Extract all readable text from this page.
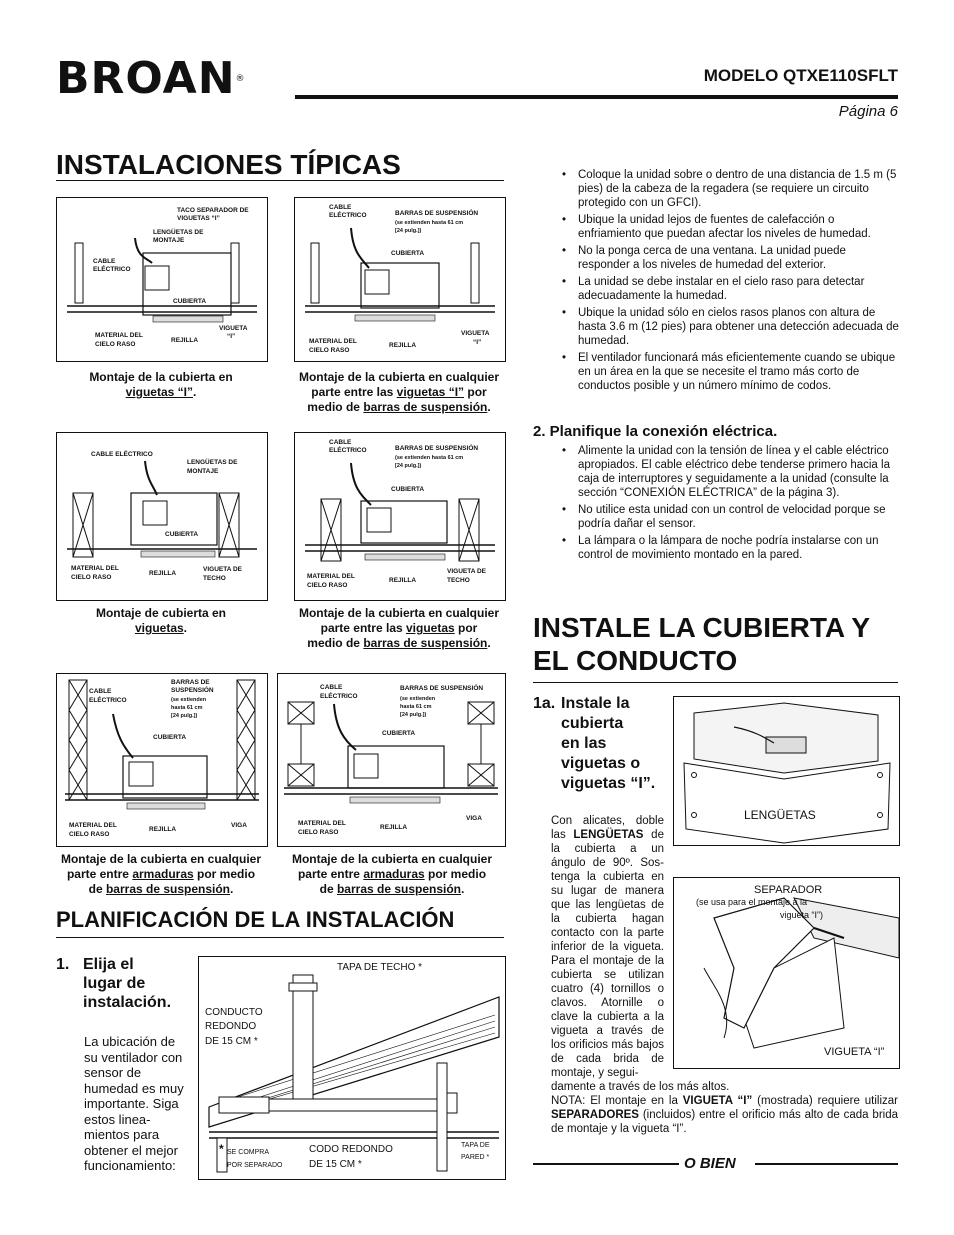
BROAN®	MODELO QTXE110SFLT
Página 6
INSTALACIONES TÍPICAS
TACO SEPARADOR DE
VIGUETAS “I”
LENGÜETAS DE
MONTAJE
CABLE
ELÉCTRICO
CUBIERTA
MATERIAL DEL
CIELO RASO
REJILLA
VIGUETA
“I”
Montaje de la cubierta en
viguetas “I”.
CABLE
ELÉCTRICO	BARRAS DE SUSPENSIÓN
(se extienden hasta 61 cm
[24 pulg.])
CUBIERTA
MATERIAL DEL
CIELO RASO
REJILLA
VIGUETA
“I”
Montaje de la cubierta en cualquier
parte entre las viguetas “I” por
medio de barras de suspensión.
CABLE ELÉCTRICO
LENGÜETAS DE
MONTAJE
CUBIERTA
MATERIAL DEL
CIELO RASO
REJILLA
VIGUETA DE
TECHO
Montaje de cubierta en
viguetas.
CABLE
ELÉCTRICO	BARRAS DE SUSPENSIÓN
(se extienden hasta 61 cm
[24 pulg.])
CUBIERTA
MATERIAL DEL
CIELO RASO
REJILLA
VIGUETA DE
TECHO
Montaje de la cubierta en cualquier
parte entre las viguetas por
medio de barras de suspensión.
CABLE
ELÉCTRICO
BARRAS DE
SUSPENSIÓN
(se extienden
hasta 61 cm
[24 pulg.])
CUBIERTA
MATERIAL DEL
CIELO RASO
REJILLA
VIGA
Montaje de la cubierta en cualquier
parte entre armaduras por medio
de barras de suspensión.
CABLE
ELÉCTRICO
BARRAS DE SUSPENSIÓN
(se extienden
hasta 61 cm
[24 pulg.])
CUBIERTA
MATERIAL DEL
CIELO RASO
REJILLA
VIGA
Montaje de la cubierta en cualquier
parte entre armaduras por medio
de barras de suspensión.
PLANIFICACIÓN DE LA INSTALACIÓN
1. Elija el
lugar de
instalación.
La ubicación de su ventilador con sensor de humedad es muy importante. Siga estos linea-mientos para obtener el mejor funcionamiento:
TAPA DE TECHO *
CONDUCTO
REDONDO
DE 15 CM *
* SE COMPRA
POR SEPARADO
CODO REDONDO
DE 15 CM *
TAPA DE
PARED *
• Coloque la unidad sobre o dentro de una distancia de 1.5 m (5 pies) de la cabeza de la regadera (se requiere un circuito protegido con un GFCI).
• Ubique la unidad lejos de fuentes de calefacción o enfriamiento que puedan afectar los niveles de humedad.
• No la ponga cerca de una ventana. La unidad puede responder a los niveles de humedad del exterior.
• La unidad se debe instalar en el cielo raso para detectar adecuadamente la humedad.
• Ubique la unidad sólo en cielos rasos planos con altura de hasta 3.6 m (12 pies) para obtener una detección adecuada de humedad.
• El ventilador funcionará más eficientemente cuando se ubique en un área en la que se necesite el tramo más corto de conductos posible y un número mínimo de codos.
2. Planifique la conexión eléctrica.
• Alimente la unidad con la tensión de línea y el cable eléctrico apropiados. El cable eléctrico debe tenderse primero hacia la caja de interruptores y seguidamente a la unidad (consulte la sección “CONEXIÓN ELÉCTRICA” de la página 3).
• No utilice esta unidad con un control de velocidad porque se podría dañar el sensor.
• La lámpara o la lámpara de noche podría instalarse con un control de movimiento montado en la pared.
INSTALE LA CUBIERTA Y
EL CONDUCTO
1a. Instale la
cubierta
en las
viguetas o
viguetas “I”.
Con alicates, doble las LENGÜETAS de la cubierta a un ángulo de 90º. Sos-tenga la cubierta en su lugar de manera que las lengüetas de la cubierta hagan contacto con la parte inferior de la vigueta. Para el montaje de la cubierta se utilizan cuatro (4) tornillos o clavos. Atornille o clave la cubierta a la vigueta a través de los orificios más bajos de cada brida de montaje, y segui-
damente a través de los más altos.
NOTA: El montaje en la VIGUETA “I” (mostrada) requiere utilizar SEPARADORES (incluidos) entre el orificio más alto de cada brida de montaje y la vigueta “I”.
LENGÜETAS
SEPARADOR
(se usa para el montaje a la
vigueta “I”)
VIGUETA “I”
O BIEN
